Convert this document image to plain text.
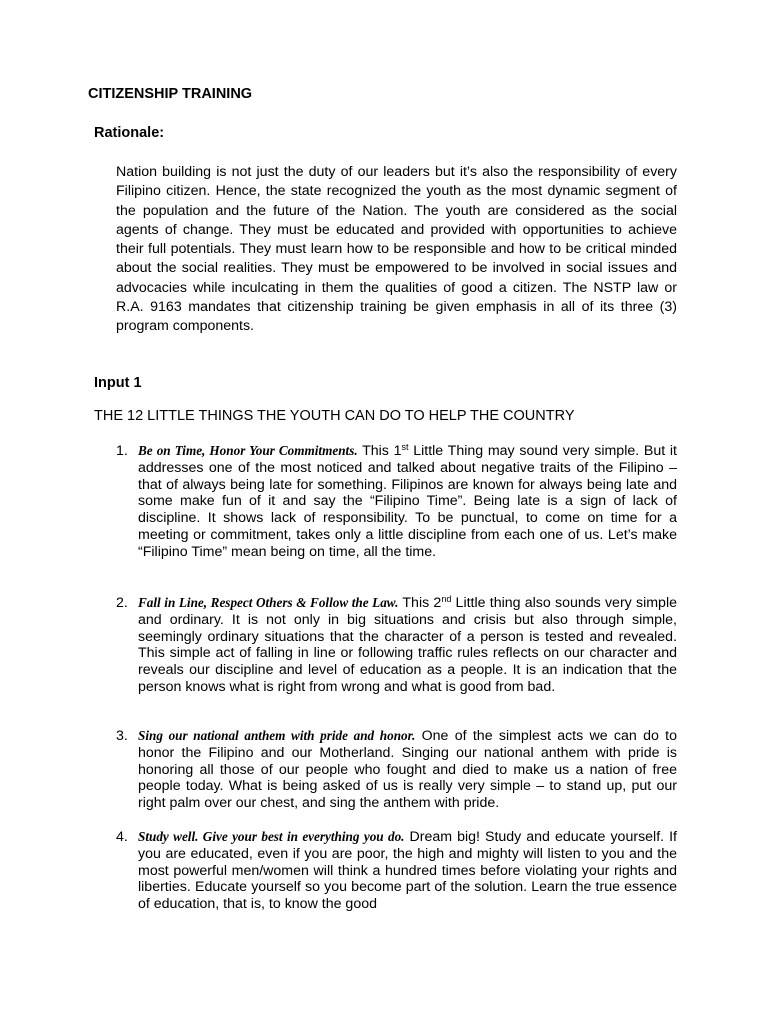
CITIZENSHIP TRAINING
Rationale:

Nation building is not just the duty of our leaders but it’s also the responsibility of every Filipino citizen. Hence, the state recognized the youth as the most dynamic segment of the population and the future of the Nation. The youth are considered as the social agents of change. They must be educated and provided with opportunities to achieve their full potentials. They must learn how to be responsible and how to be critical minded about the social realities. They must be empowered to be involved in social issues and advocacies while inculcating in them the qualities of good a citizen. The NSTP law or R.A. 9163 mandates that citizenship training be given emphasis in all of its three (3) program components.

Input 1
THE 12 LITTLE THINGS THE YOUTH CAN DO TO HELP THE COUNTRY
1. Be on Time, Honor Your Commitments. This 1st Little Thing may sound very simple. But it addresses one of the most noticed and talked about negative traits of the Filipino – that of always being late for something. Filipinos are known for always being late and some make fun of it and say the “Filipino Time”. Being late is a sign of lack of discipline. It shows lack of responsibility. To be punctual, to come on time for a meeting or commitment, takes only a little discipline from each one of us. Let’s make “Filipino Time” mean being on time, all the time.

2. Fall in Line, Respect Others & Follow the Law. This 2nd Little thing also sounds very simple and ordinary. It is not only in big situations and crisis but also through simple, seemingly ordinary situations that the character of a person is tested and revealed. This simple act of falling in line or following traffic rules reflects on our character and reveals our discipline and level of education as a people. It is an indication that the person knows what is right from wrong and what is good from bad.

3. Sing our national anthem with pride and honor. One of the simplest acts we can do to honor the Filipino and our Motherland. Singing our national anthem with pride is honoring all those of our people who fought and died to make us a nation of free people today. What is being asked of us is really very simple – to stand up, put our right palm over our chest, and sing the anthem with pride.

4. Study well. Give your best in everything you do. Dream big! Study and educate yourself. If you are educated, even if you are poor, the high and mighty will listen to you and the most powerful men/women will think a hundred times before violating your rights and liberties. Educate yourself so you become part of the solution. Learn the true essence of education, that is, to know the good
